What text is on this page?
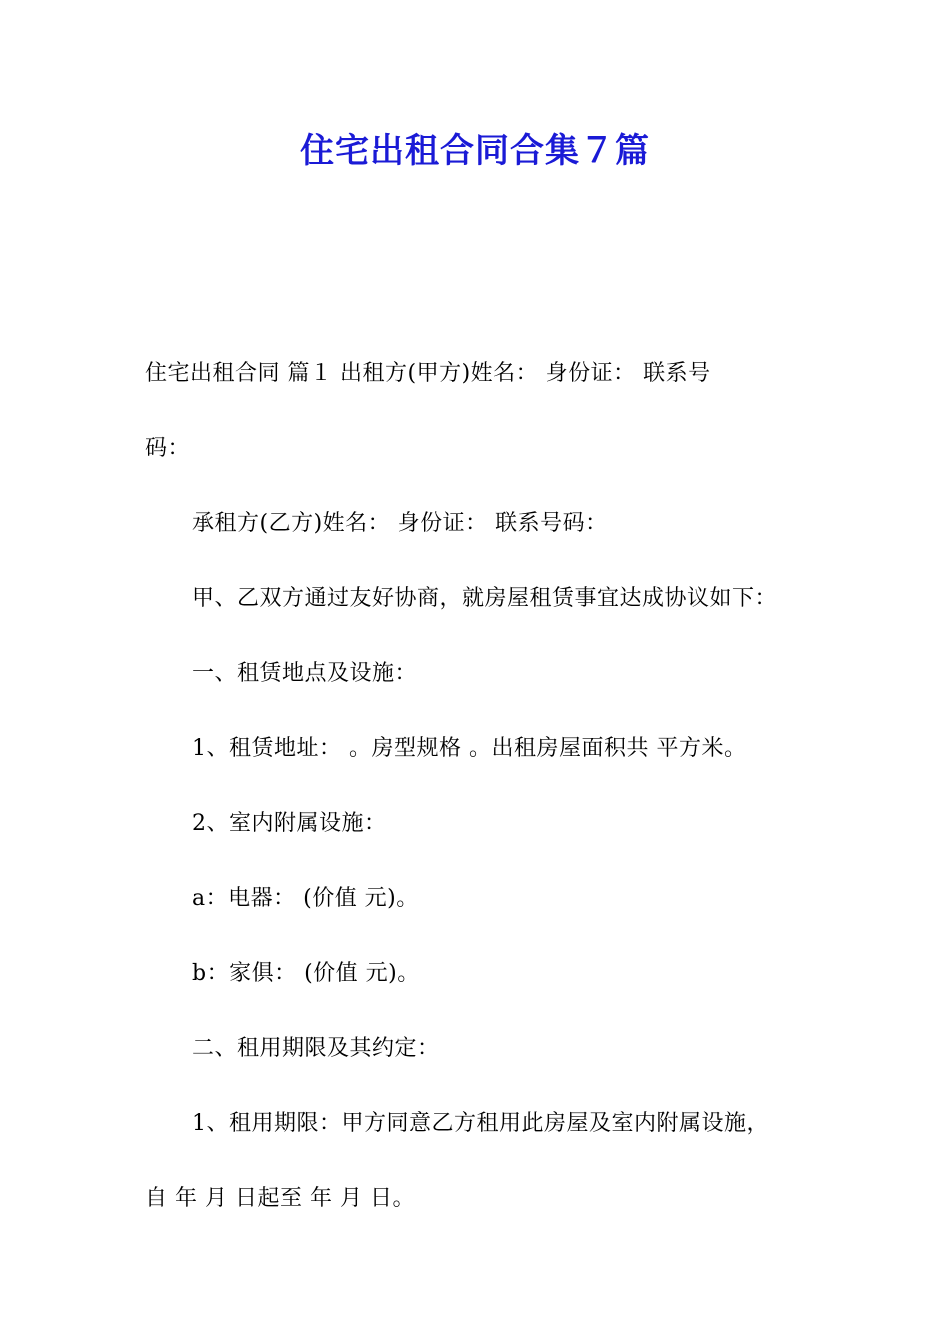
住宅出租合同合集７篇
住宅出租合同 篇１ 出租方(甲方)姓名： 身份证： 联系号
码：
承租方(乙方)姓名： 身份证： 联系号码：
甲、乙双方通过友好协商，就房屋租赁事宜达成协议如下：
一、租赁地点及设施：
1、租赁地址： 。房型规格 。出租房屋面积共 平方米。
2、室内附属设施：
a：电器： (价值 元)。
b：家俱： (价值 元)。
二、租用期限及其约定：
1、租用期限：甲方同意乙方租用此房屋及室内附属设施，
自 年 月 日起至 年 月 日。
